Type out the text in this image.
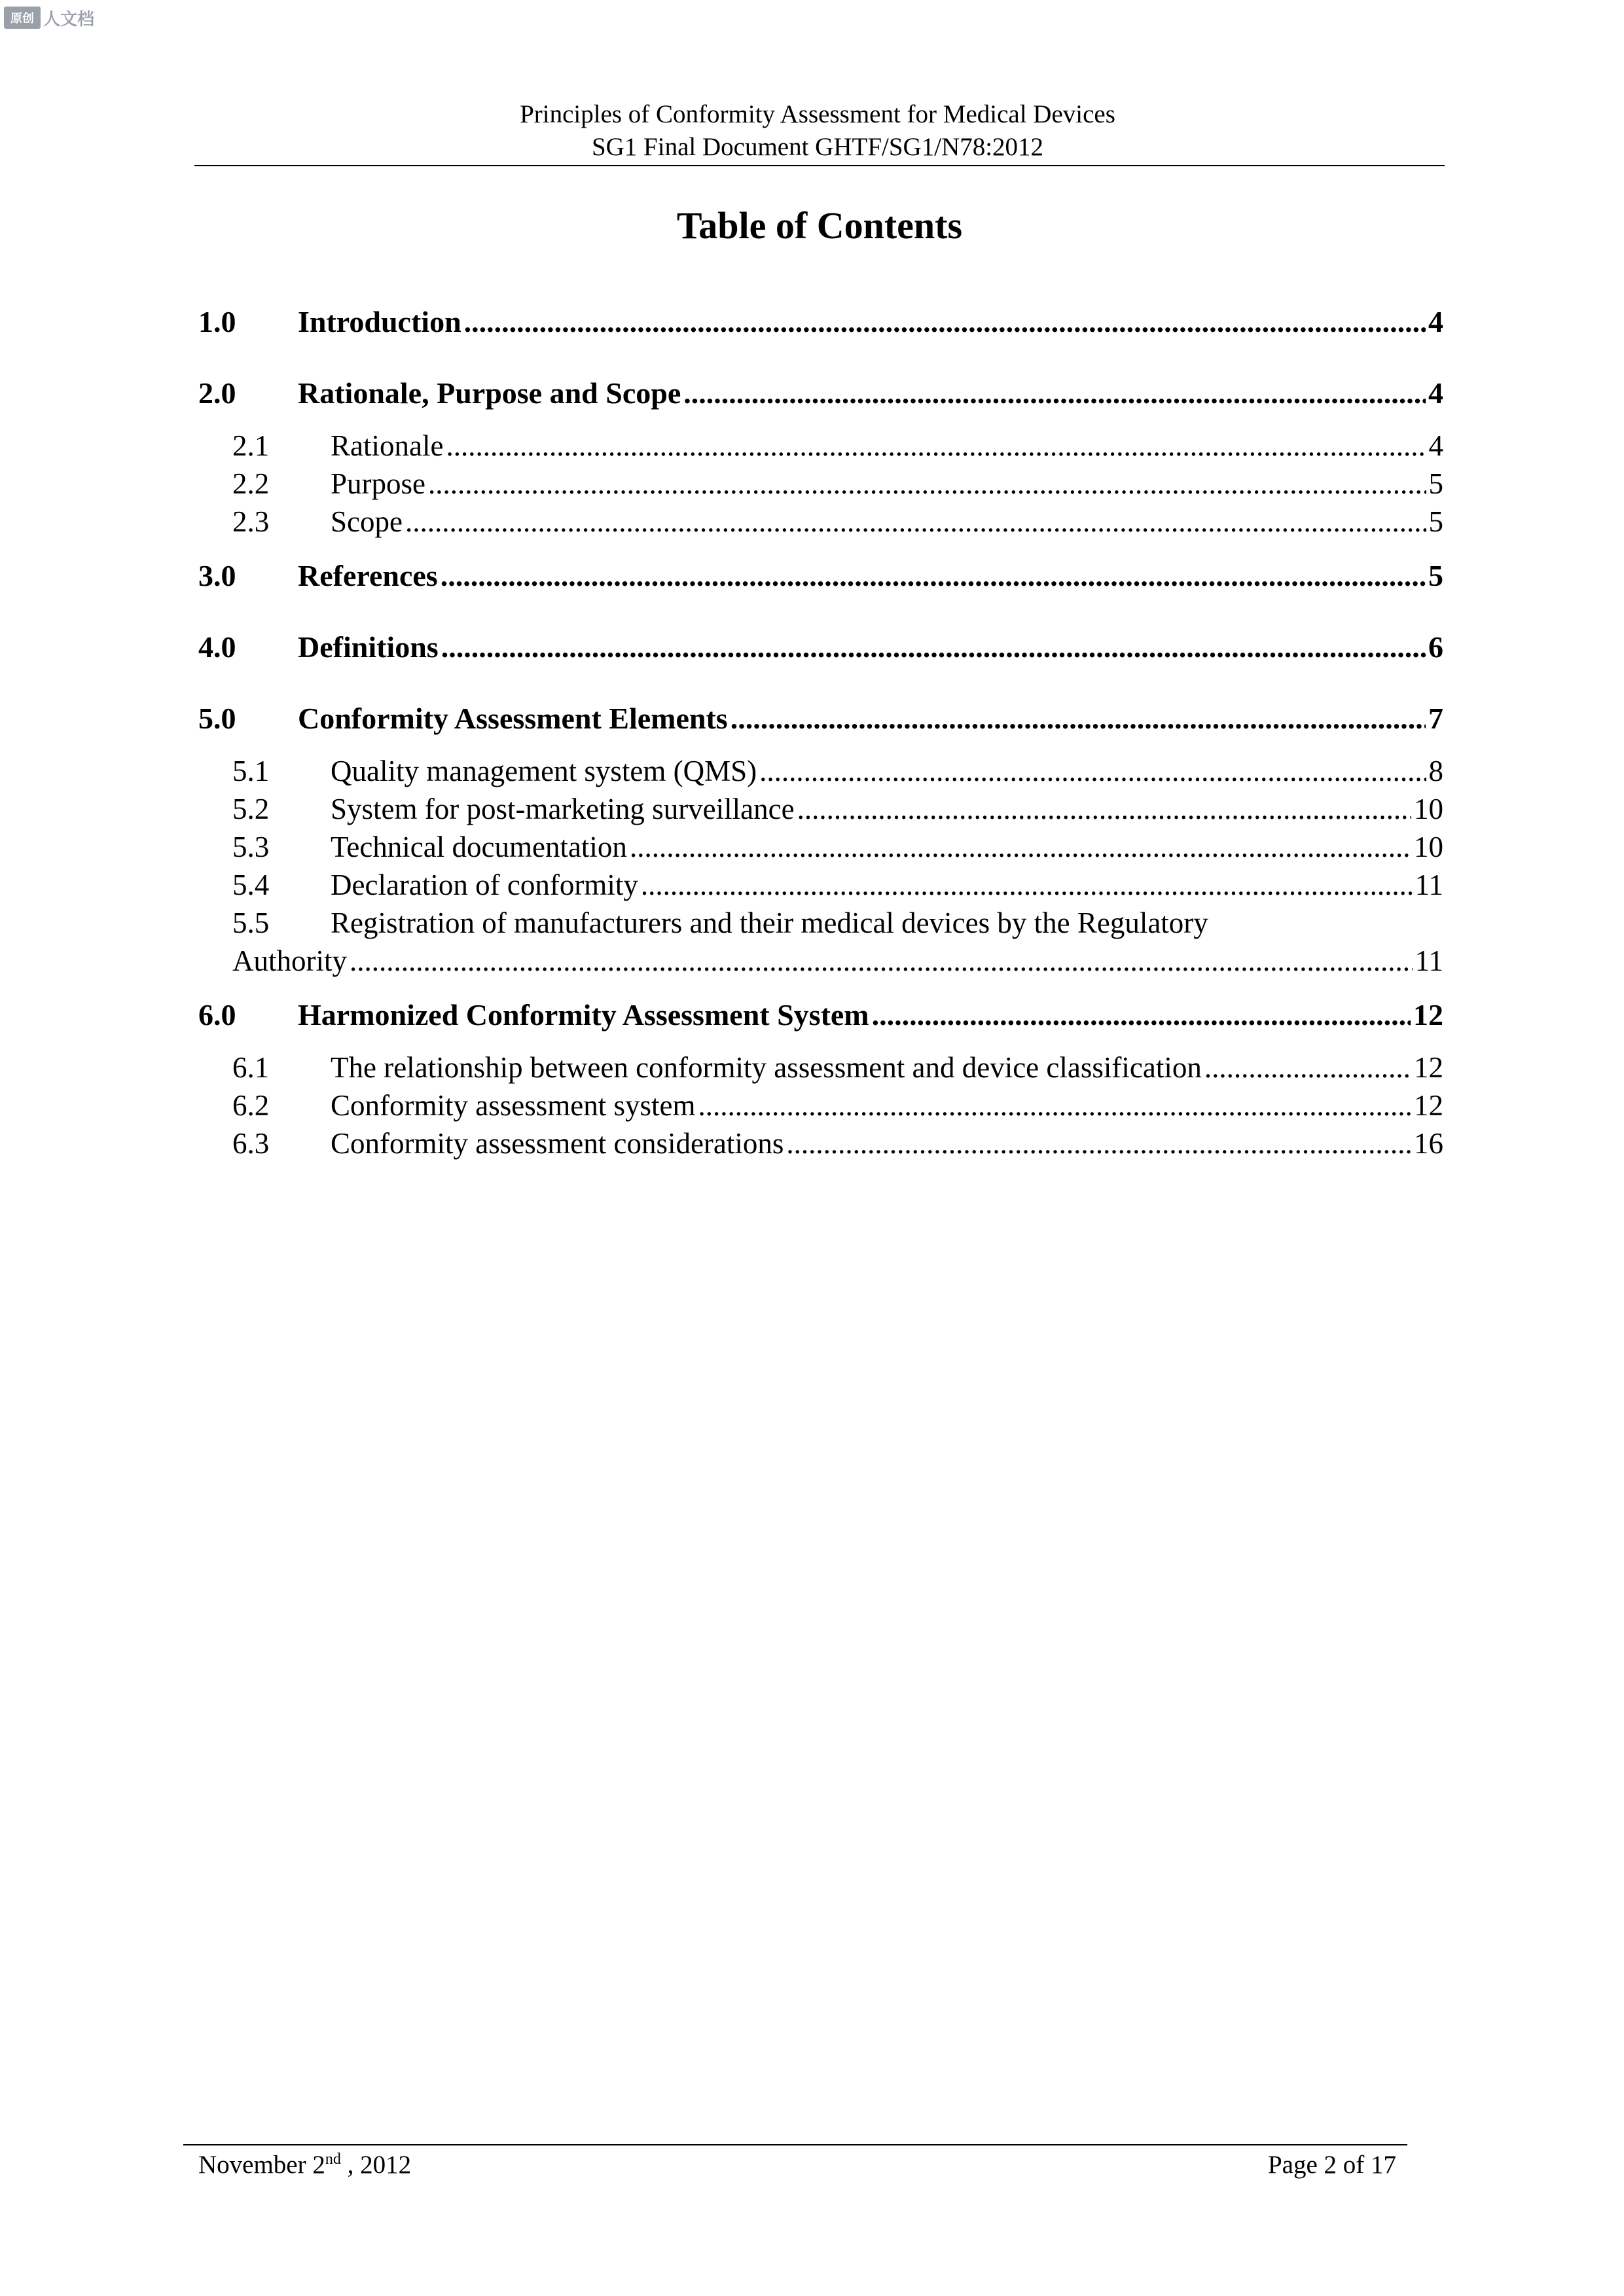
原创 人文档
Principles of Conformity Assessment for Medical Devices
SG1 Final Document GHTF/SG1/N78:2012
Table of Contents
1.0	Introduction .....	4
2.0	Rationale, Purpose and Scope .....	4
2.1	Rationale .....	4
2.2	Purpose .....	5
2.3	Scope .....	5
3.0	References .....	5
4.0	Definitions .....	6
5.0	Conformity Assessment Elements .....	7
5.1	Quality management system (QMS) .....	8
5.2	System for post-marketing surveillance .....	10
5.3	Technical documentation .....	10
5.4	Declaration of conformity .....	11
5.5	Registration of manufacturers and their medical devices by the Regulatory
Authority .....	11
6.0	Harmonized Conformity Assessment System .....	12
6.1	The relationship between conformity assessment and device classification .....	12
6.2	Conformity assessment system .....	12
6.3	Conformity assessment considerations .....	16
November 2nd , 2012	Page 2 of 17
